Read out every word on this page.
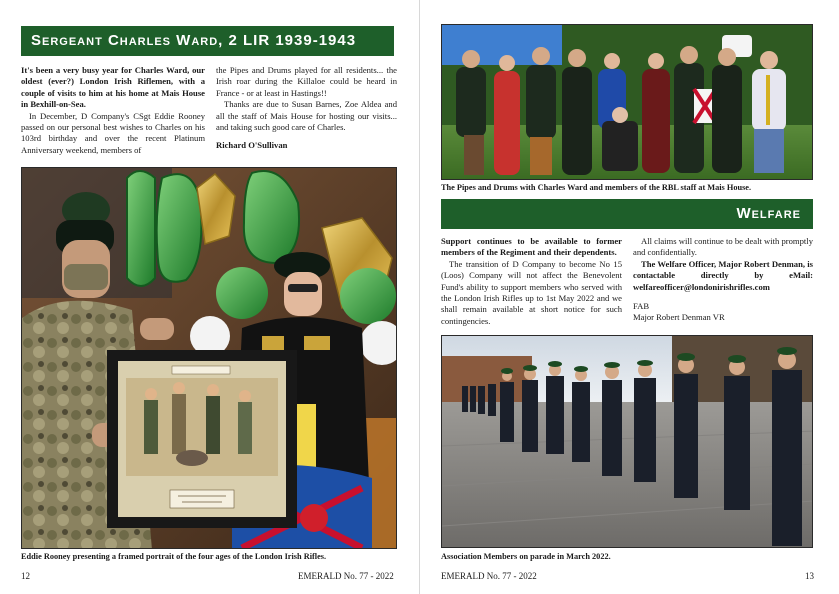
Sergeant Charles Ward, 2 LIR 1939-1943

It's been a very busy year for Charles Ward, our oldest (ever?) London Irish Riflemen, with a couple of visits to him at his home at Mais House in Bexhill-on-Sea.

In December, D Company's CSgt Eddie Rooney passed on our personal best wishes to Charles on his 103rd birthday and over the recent Platinum Anniversary weekend, members of

the Pipes and Drums played for all residents... the Irish roar during the Killaloe could be heard in France - or at least in Hastings!!

Thanks are due to Susan Barnes, Zoe Aldea and all the staff of Mais House for hosting our visits... and taking such good care of Charles.

Richard O'Sullivan

Eddie Rooney presenting a framed portrait of the four ages of the London Irish Rifles.
12	EMERALD No. 77 - 2022
The Pipes and Drums with Charles Ward and members of the RBL staff at Mais House.
Welfare

Support continues to be available to former members of the Regiment and their dependents.

The transition of D Company to become No 15 (Loos) Company will not affect the Benevolent Fund's ability to support members who served with the London Irish Rifles up to 1st May 2022 and we shall remain available at short notice for such contingencies.

All claims will continue to be dealt with promptly and confidentially.

The Welfare Officer, Major Robert Denman, is contactable directly by eMail: welfareofficer@londonirishrifles.com

FAB

Major Robert Denman VR

Association Members on parade in March 2022.
EMERALD No. 77 - 2022	13
